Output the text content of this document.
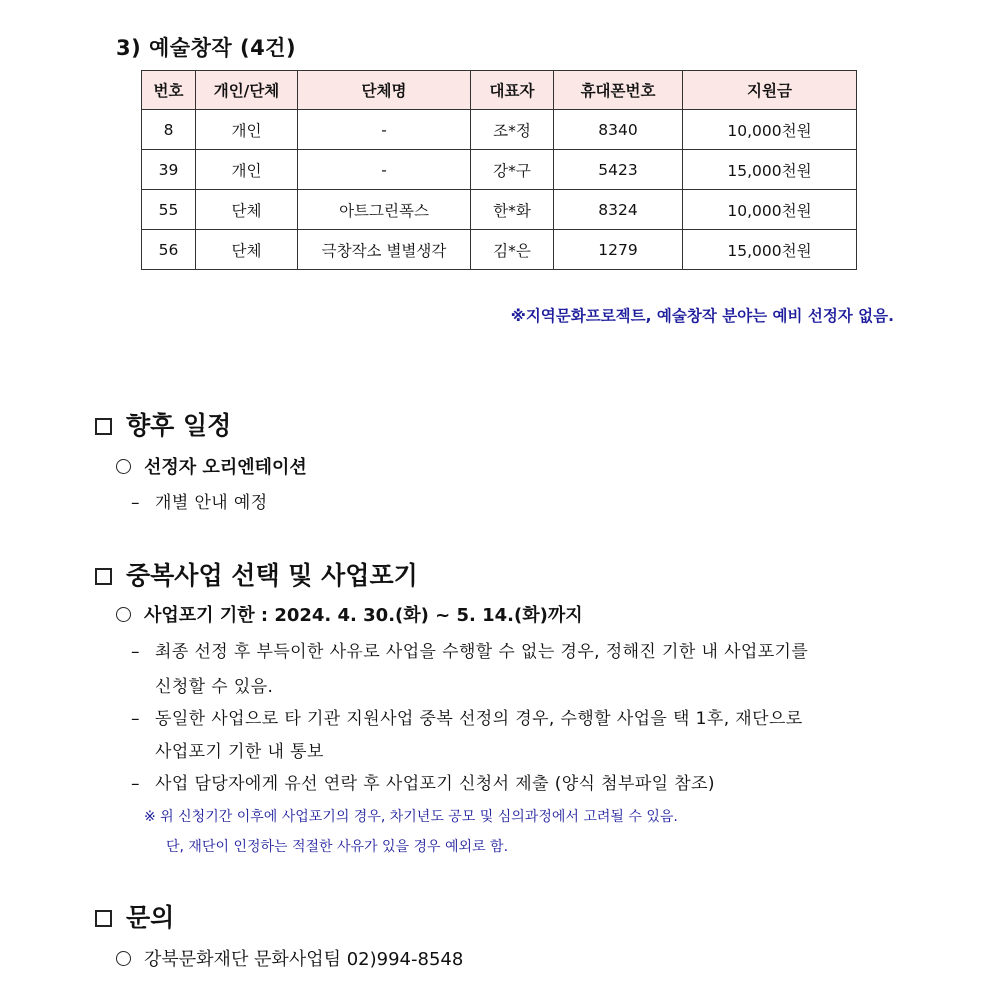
3) 예술창작 (4건)
번호	개인/단체	단체명	대표자	휴대폰번호	지원금
8	개인	-	조*정	8340	10,000천원
39	개인	-	강*구	5423	15,000천원
55	단체	아트그린폭스	한*화	8324	10,000천원
56	단체	극창작소 별별생각	김*은	1279	15,000천원
※지역문화프로젝트, 예술창작 분야는 예비 선정자 없음.
향후 일정
선정자 오리엔테이션
– 개별 안내 예정
중복사업 선택 및 사업포기
사업포기 기한 : 2024. 4. 30.(화) ~ 5. 14.(화)까지
– 최종 선정 후 부득이한 사유로 사업을 수행할 수 없는 경우, 정해진 기한 내 사업포기를
신청할 수 있음.
– 동일한 사업으로 타 기관 지원사업 중복 선정의 경우, 수행할 사업을 택 1후, 재단으로
사업포기 기한 내 통보
– 사업 담당자에게 유선 연락 후 사업포기 신청서 제출 (양식 첨부파일 참조)
※ 위 신청기간 이후에 사업포기의 경우, 차기년도 공모 및 심의과정에서 고려될 수 있음.
단, 재단이 인정하는 적절한 사유가 있을 경우 예외로 함.
문의
강북문화재단 문화사업팀 02)994-8548
